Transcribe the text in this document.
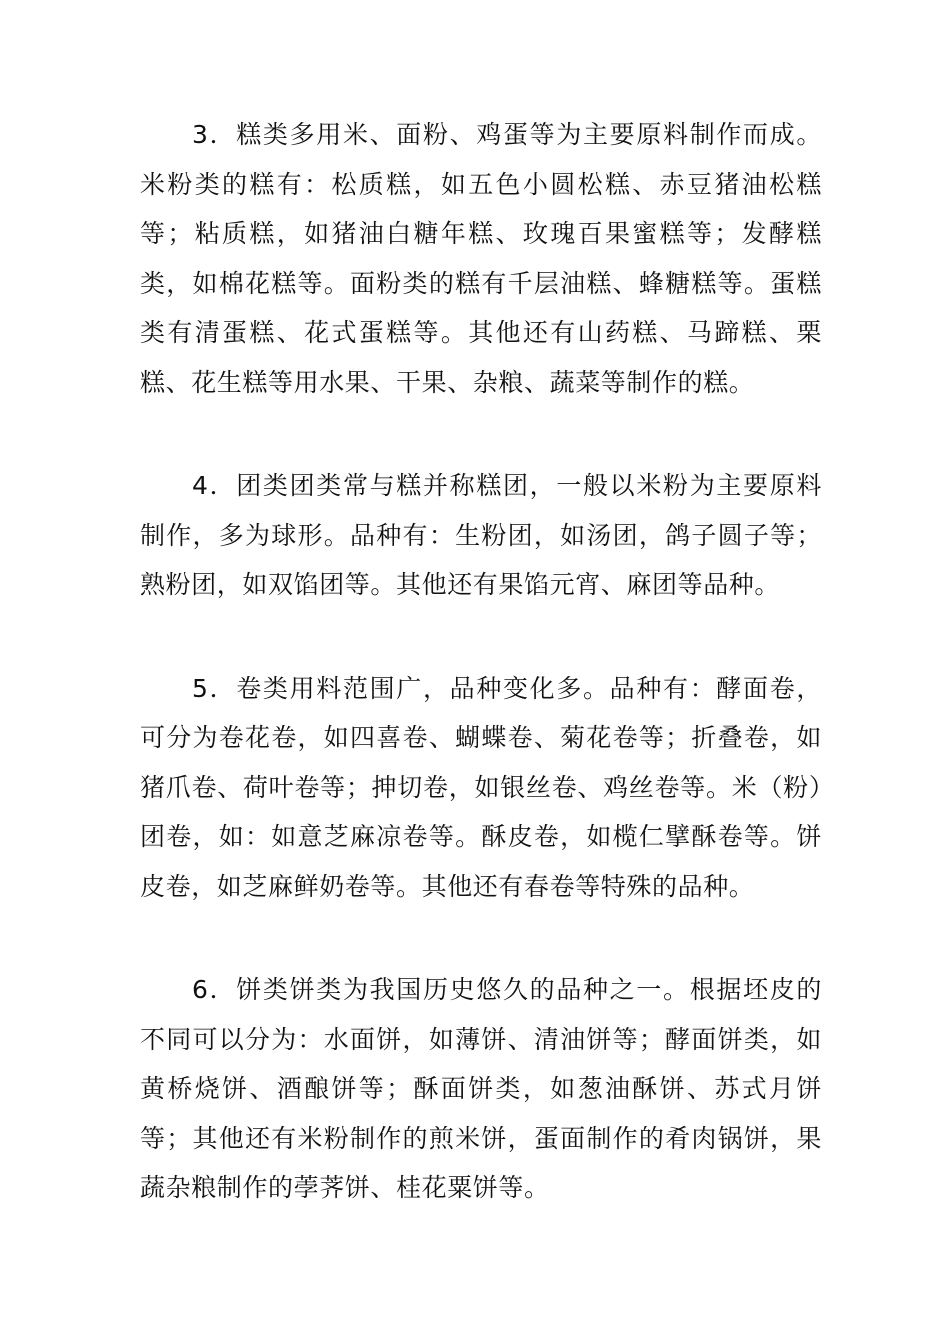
3．糕类多用米、面粉、鸡蛋等为主要原料制作而成。米粉类的糕有：松质糕，如五色小圆松糕、赤豆猪油松糕等；粘质糕，如猪油白糖年糕、玫瑰百果蜜糕等；发酵糕类，如棉花糕等。面粉类的糕有千层油糕、蜂糖糕等。蛋糕类有清蛋糕、花式蛋糕等。其他还有山药糕、马蹄糕、栗糕、花生糕等用水果、干果、杂粮、蔬菜等制作的糕。

4．团类团类常与糕并称糕团，一般以米粉为主要原料制作，多为球形。品种有：生粉团，如汤团，鸽子圆子等；熟粉团，如双馅团等。其他还有果馅元宵、麻团等品种。

5．卷类用料范围广，品种变化多。品种有：酵面卷，可分为卷花卷，如四喜卷、蝴蝶卷、菊花卷等；折叠卷，如猪爪卷、荷叶卷等；抻切卷，如银丝卷、鸡丝卷等。米（粉）团卷，如：如意芝麻凉卷等。酥皮卷，如榄仁擘酥卷等。饼皮卷，如芝麻鲜奶卷等。其他还有春卷等特殊的品种。

6．饼类饼类为我国历史悠久的品种之一。根据坯皮的不同可以分为：水面饼，如薄饼、清油饼等；酵面饼类，如黄桥烧饼、酒酿饼等；酥面饼类，如葱油酥饼、苏式月饼等；其他还有米粉制作的煎米饼，蛋面制作的肴肉锅饼，果蔬杂粮制作的荸荠饼、桂花粟饼等。
